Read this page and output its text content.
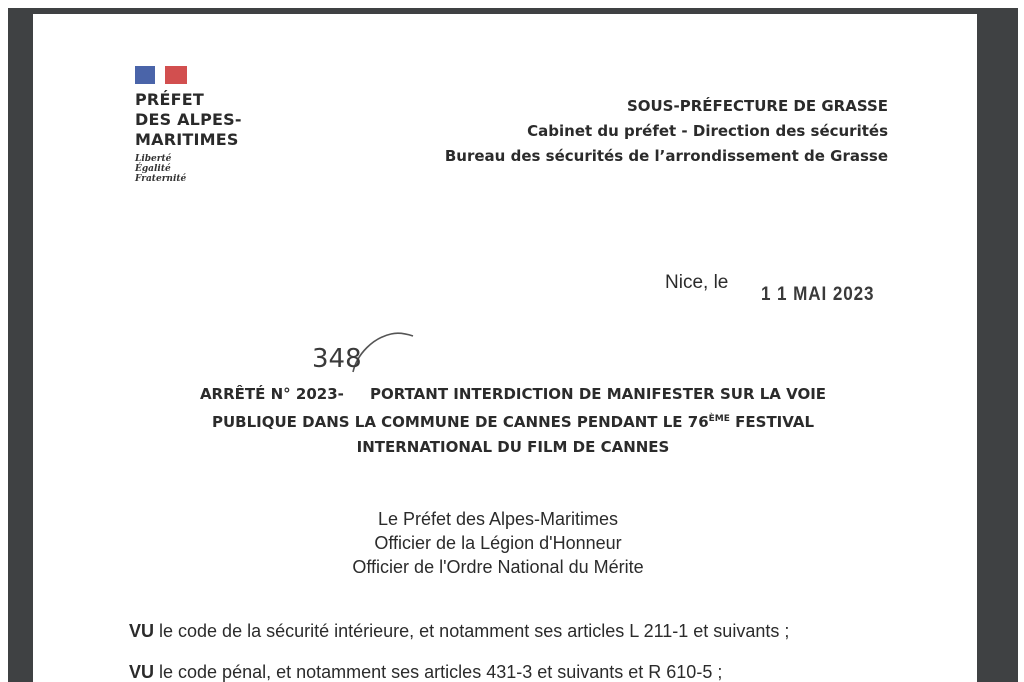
PRÉFET
DES ALPES-
MARITIMES
Liberté
Égalité
Fraternité
SOUS-PRÉFECTURE DE GRASSE
Cabinet du préfet - Direction des sécurités
Bureau des sécurités de l’arrondissement de Grasse
Nice, le
1 1 MAI 2023
348
ARRÊTÉ N° 2023-     PORTANT INTERDICTION DE MANIFESTER SUR LA VOIE
PUBLIQUE DANS LA COMMUNE DE CANNES PENDANT LE 76ÈME FESTIVAL
INTERNATIONAL DU FILM DE CANNES
Le Préfet des Alpes-Maritimes
Officier de la Légion d'Honneur
Officier de l'Ordre National du Mérite
VU le code de la sécurité intérieure, et notamment ses articles L 211-1 et suivants ;
VU le code pénal, et notamment ses articles 431-3 et suivants et R 610-5 ;
